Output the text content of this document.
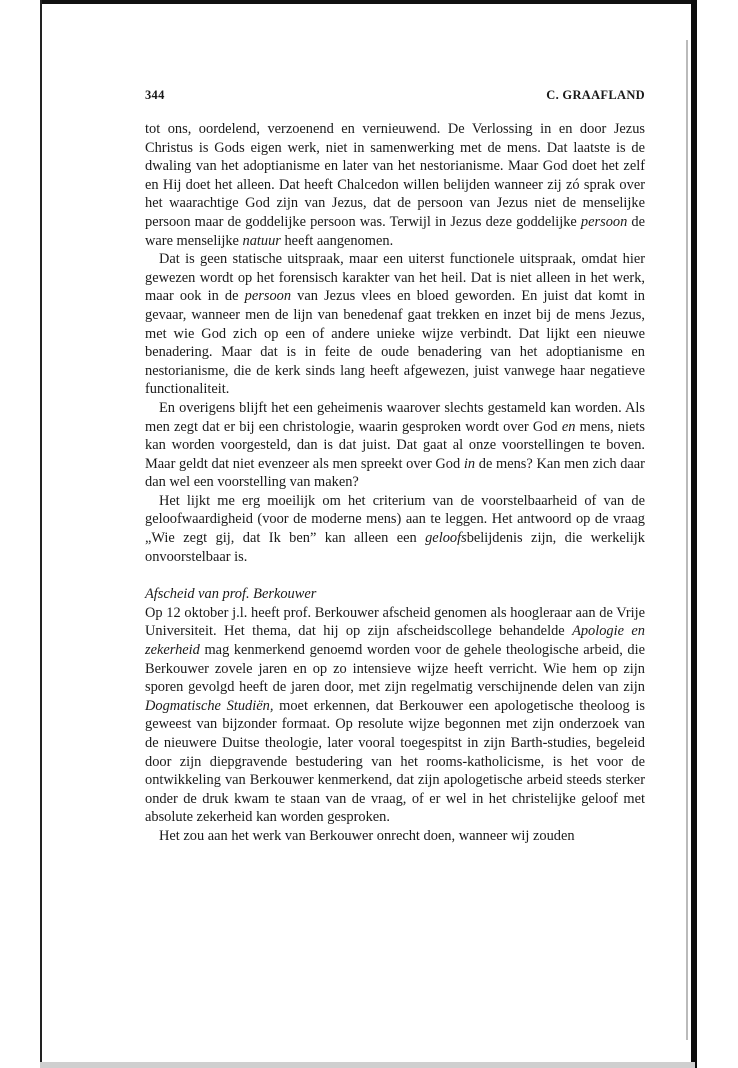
344	C. GRAAFLAND

tot ons, oordelend, verzoenend en vernieuwend. De Verlossing in en door Jezus Christus is Gods eigen werk, niet in samenwerking met de mens. Dat laatste is de dwaling van het adoptianisme en later van het nestorianisme. Maar God doet het zelf en Hij doet het alleen. Dat heeft Chalcedon willen belijden wanneer zij zó sprak over het waarachtige God zijn van Jezus, dat de persoon van Jezus niet de menselijke persoon maar de goddelijke persoon was. Terwijl in Jezus deze goddelijke persoon de ware menselijke natuur heeft aangenomen.

Dat is geen statische uitspraak, maar een uiterst functionele uitspraak, omdat hier gewezen wordt op het forensisch karakter van het heil. Dat is niet alleen in het werk, maar ook in de persoon van Jezus vlees en bloed geworden. En juist dat komt in gevaar, wanneer men de lijn van benedenaf gaat trekken en inzet bij de mens Jezus, met wie God zich op een of andere unieke wijze verbindt. Dat lijkt een nieuwe benadering. Maar dat is in feite de oude benadering van het adoptianisme en nestorianisme, die de kerk sinds lang heeft afgewezen, juist vanwege haar negatieve functionaliteit.

En overigens blijft het een geheimenis waarover slechts gestameld kan worden. Als men zegt dat er bij een christologie, waarin gesproken wordt over God en mens, niets kan worden voorgesteld, dan is dat juist. Dat gaat al onze voorstellingen te boven. Maar geldt dat niet evenzeer als men spreekt over God in de mens? Kan men zich daar dan wel een voorstelling van maken?

Het lijkt me erg moeilijk om het criterium van de voorstelbaarheid of van de geloofwaardigheid (voor de moderne mens) aan te leggen. Het antwoord op de vraag „Wie zegt gij, dat Ik ben” kan alleen een geloofsbelijdenis zijn, die werkelijk onvoorstelbaar is.

Afscheid van prof. Berkouwer

Op 12 oktober j.l. heeft prof. Berkouwer afscheid genomen als hoogleraar aan de Vrije Universiteit. Het thema, dat hij op zijn afscheidscollege behandelde Apologie en zekerheid mag kenmerkend genoemd worden voor de gehele theologische arbeid, die Berkouwer zovele jaren en op zo intensieve wijze heeft verricht. Wie hem op zijn sporen gevolgd heeft de jaren door, met zijn regelmatig verschijnende delen van zijn Dogmatische Studiën, moet erkennen, dat Berkouwer een apologetische theoloog is geweest van bijzonder formaat. Op resolute wijze begonnen met zijn onderzoek van de nieuwere Duitse theologie, later vooral toegespitst in zijn Barth-studies, begeleid door zijn diepgravende bestudering van het rooms-katholicisme, is het voor de ontwikkeling van Berkouwer kenmerkend, dat zijn apologetische arbeid steeds sterker onder de druk kwam te staan van de vraag, of er wel in het christelijke geloof met absolute zekerheid kan worden gesproken.

Het zou aan het werk van Berkouwer onrecht doen, wanneer wij zouden
